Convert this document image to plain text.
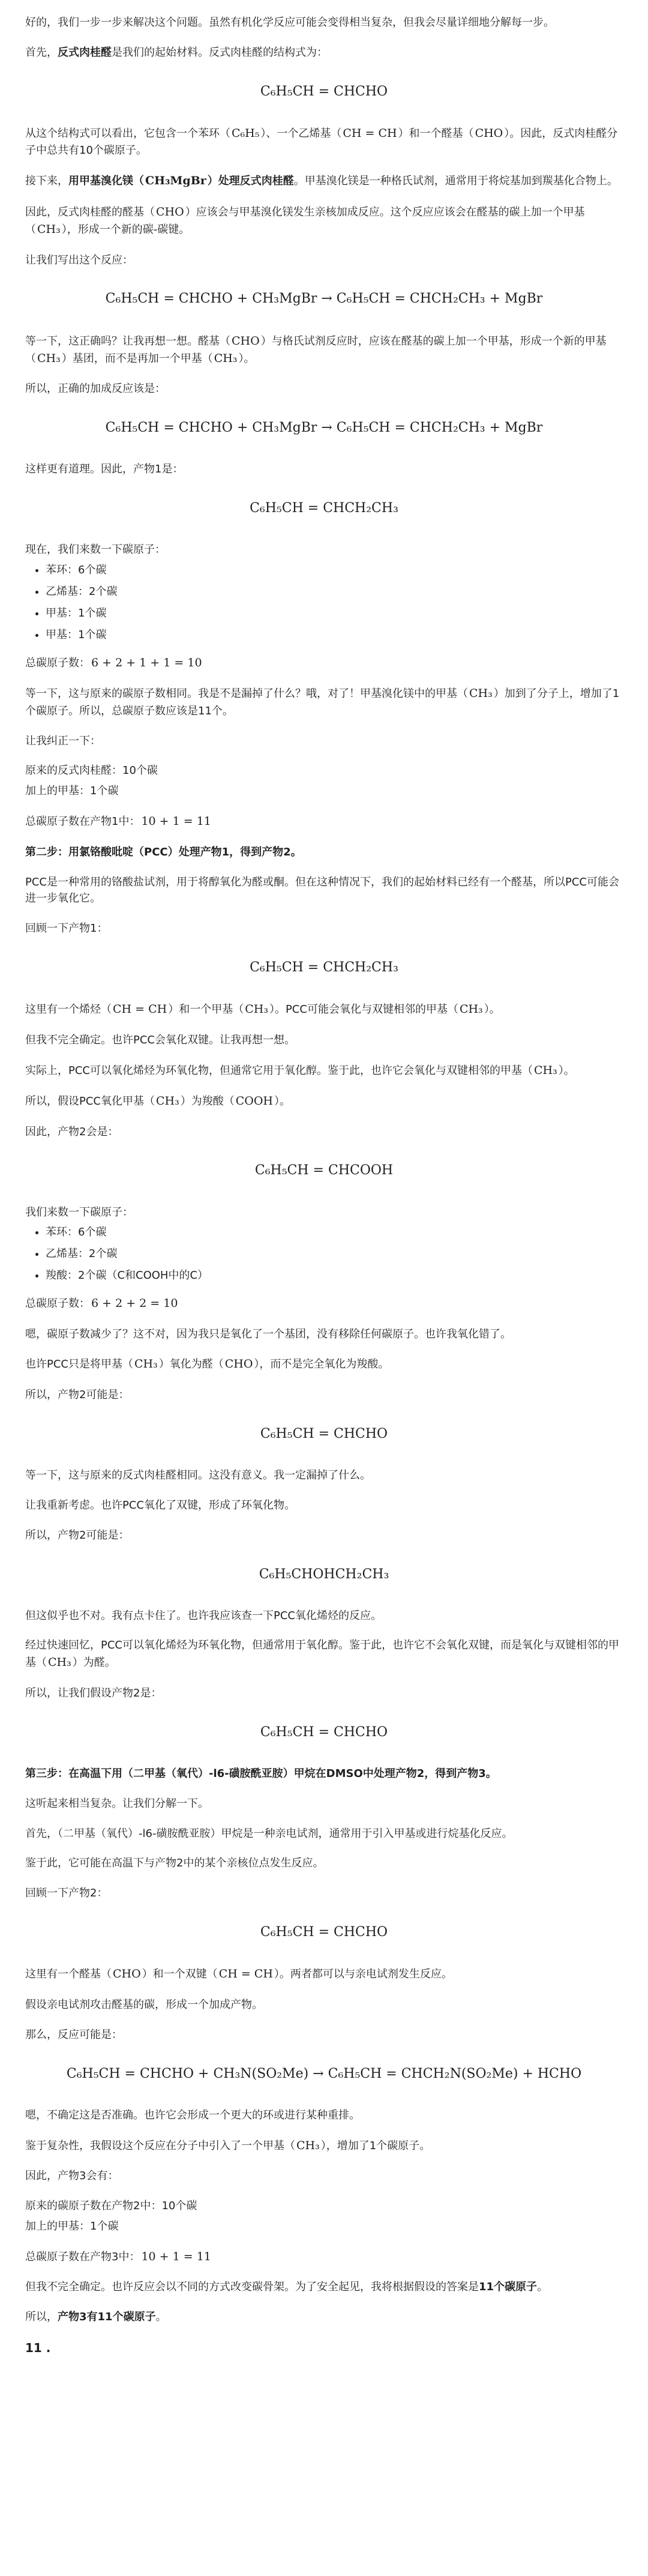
好的，我们一步一步来解决这个问题。虽然有机化学反应可能会变得相当复杂，但我会尽量详细地分解每一步。

首先，反式肉桂醛是我们的起始材料。反式肉桂醛的结构式为：

C₆H₅CH = CHCHO

从这个结构式可以看出，它包含一个苯环（ C₆H₅ ）、一个乙烯基（ CH = CH ）和一个醛基（ CHO ）。因此，反式肉桂醛分子中总共有10个碳原子。

接下来，用甲基溴化镁（ CH₃MgBr ）处理反式肉桂醛。甲基溴化镁是一种格氏试剂，通常用于将烷基加到羰基化合物上。

因此，反式肉桂醛的醛基（ CHO ）应该会与甲基溴化镁发生亲核加成反应。这个反应应该会在醛基的碳上加一个甲基（ CH₃ ），形成一个新的碳-碳键。

让我们写出这个反应：

C₆H₅CH = CHCHO + CH₃MgBr → C₆H₅CH = CHCH₂CH₃ + MgBr

等一下，这正确吗？让我再想一想。醛基（ CHO ）与格氏试剂反应时，应该在醛基的碳上加一个甲基，形成一个新的甲基（ CH₃ ）基团，而不是再加一个甲基（ CH₃ ）。

所以，正确的加成反应该是：

C₆H₅CH = CHCHO + CH₃MgBr → C₆H₅CH = CHCH₂CH₃ + MgBr

这样更有道理。因此，产物1是：

C₆H₅CH = CHCH₂CH₃

现在，我们来数一下碳原子：

• 苯环：6个碳
• 乙烯基：2个碳
• 甲基：1个碳
• 甲基：1个碳

总碳原子数： 6 + 2 + 1 + 1 = 10

等一下，这与原来的碳原子数相同。我是不是漏掉了什么？哦，对了！甲基溴化镁中的甲基（ CH₃ ）加到了分子上，增加了1个碳原子。所以，总碳原子数应该是11个。

让我纠正一下：

原来的反式肉桂醛：10个碳

加上的甲基：1个碳

总碳原子数在产物1中： 10 + 1 = 11

第二步：用氯铬酸吡啶（PCC）处理产物1，得到产物2。

PCC是一种常用的铬酸盐试剂，用于将醇氧化为醛或酮。但在这种情况下，我们的起始材料已经有一个醛基，所以PCC可能会进一步氧化它。

回顾一下产物1：

C₆H₅CH = CHCH₂CH₃

这里有一个烯烃（ CH = CH ）和一个甲基（ CH₃ ）。PCC可能会氧化与双键相邻的甲基（ CH₃ ）。

但我不完全确定。也许PCC会氧化双键。让我再想一想。

实际上，PCC可以氧化烯烃为环氧化物，但通常它用于氧化醇。鉴于此，也许它会氧化与双键相邻的甲基（ CH₃ ）。

所以，假设PCC氧化甲基（ CH₃ ）为羧酸（ COOH ）。

因此，产物2会是：

C₆H₅CH = CHCOOH

我们来数一下碳原子：

• 苯环：6个碳
• 乙烯基：2个碳
• 羧酸：2个碳（C和COOH中的C）

总碳原子数： 6 + 2 + 2 = 10

嗯，碳原子数减少了？这不对，因为我只是氧化了一个基团，没有移除任何碳原子。也许我氧化错了。

也许PCC只是将甲基（ CH₃ ）氧化为醛（ CHO ），而不是完全氧化为羧酸。

所以，产物2可能是：

C₆H₅CH = CHCHO

等一下，这与原来的反式肉桂醛相同。这没有意义。我一定漏掉了什么。

让我重新考虑。也许PCC氧化了双键，形成了环氧化物。

所以，产物2可能是：

C₆H₅CHOHCH₂CH₃

但这似乎也不对。我有点卡住了。也许我应该查一下PCC氧化烯烃的反应。

经过快速回忆，PCC可以氧化烯烃为环氧化物，但通常用于氧化醇。鉴于此，也许它不会氧化双键，而是氧化与双键相邻的甲基（ CH₃ ）为醛。

所以，让我们假设产物2是：

C₆H₅CH = CHCHO

第三步：在高温下用（二甲基（氧代）-l6-磺胺酰亚胺）甲烷在DMSO中处理产物2，得到产物3。

这听起来相当复杂。让我们分解一下。

首先，（二甲基（氧代）-l6-磺胺酰亚胺）甲烷是一种亲电试剂，通常用于引入甲基或进行烷基化反应。

鉴于此，它可能在高温下与产物2中的某个亲核位点发生反应。

回顾一下产物2：

C₆H₅CH = CHCHO

这里有一个醛基（ CHO ）和一个双键（ CH = CH ）。两者都可以与亲电试剂发生反应。

假设亲电试剂攻击醛基的碳，形成一个加成产物。

那么，反应可能是：

C₆H₅CH = CHCHO + CH₃N(SO₂Me) → C₆H₅CH = CHCH₂N(SO₂Me) + HCHO

嗯，不确定这是否准确。也许它会形成一个更大的环或进行某种重排。

鉴于复杂性，我假设这个反应在分子中引入了一个甲基（ CH₃ ），增加了1个碳原子。

因此，产物3会有：

原来的碳原子数在产物2中：10个碳

加上的甲基：1个碳

总碳原子数在产物3中： 10 + 1 = 11

但我不完全确定。也许反应会以不同的方式改变碳骨架。为了安全起见，我将根据假设的答案是11个碳原子。

所以，产物3有11个碳原子。

11 .
